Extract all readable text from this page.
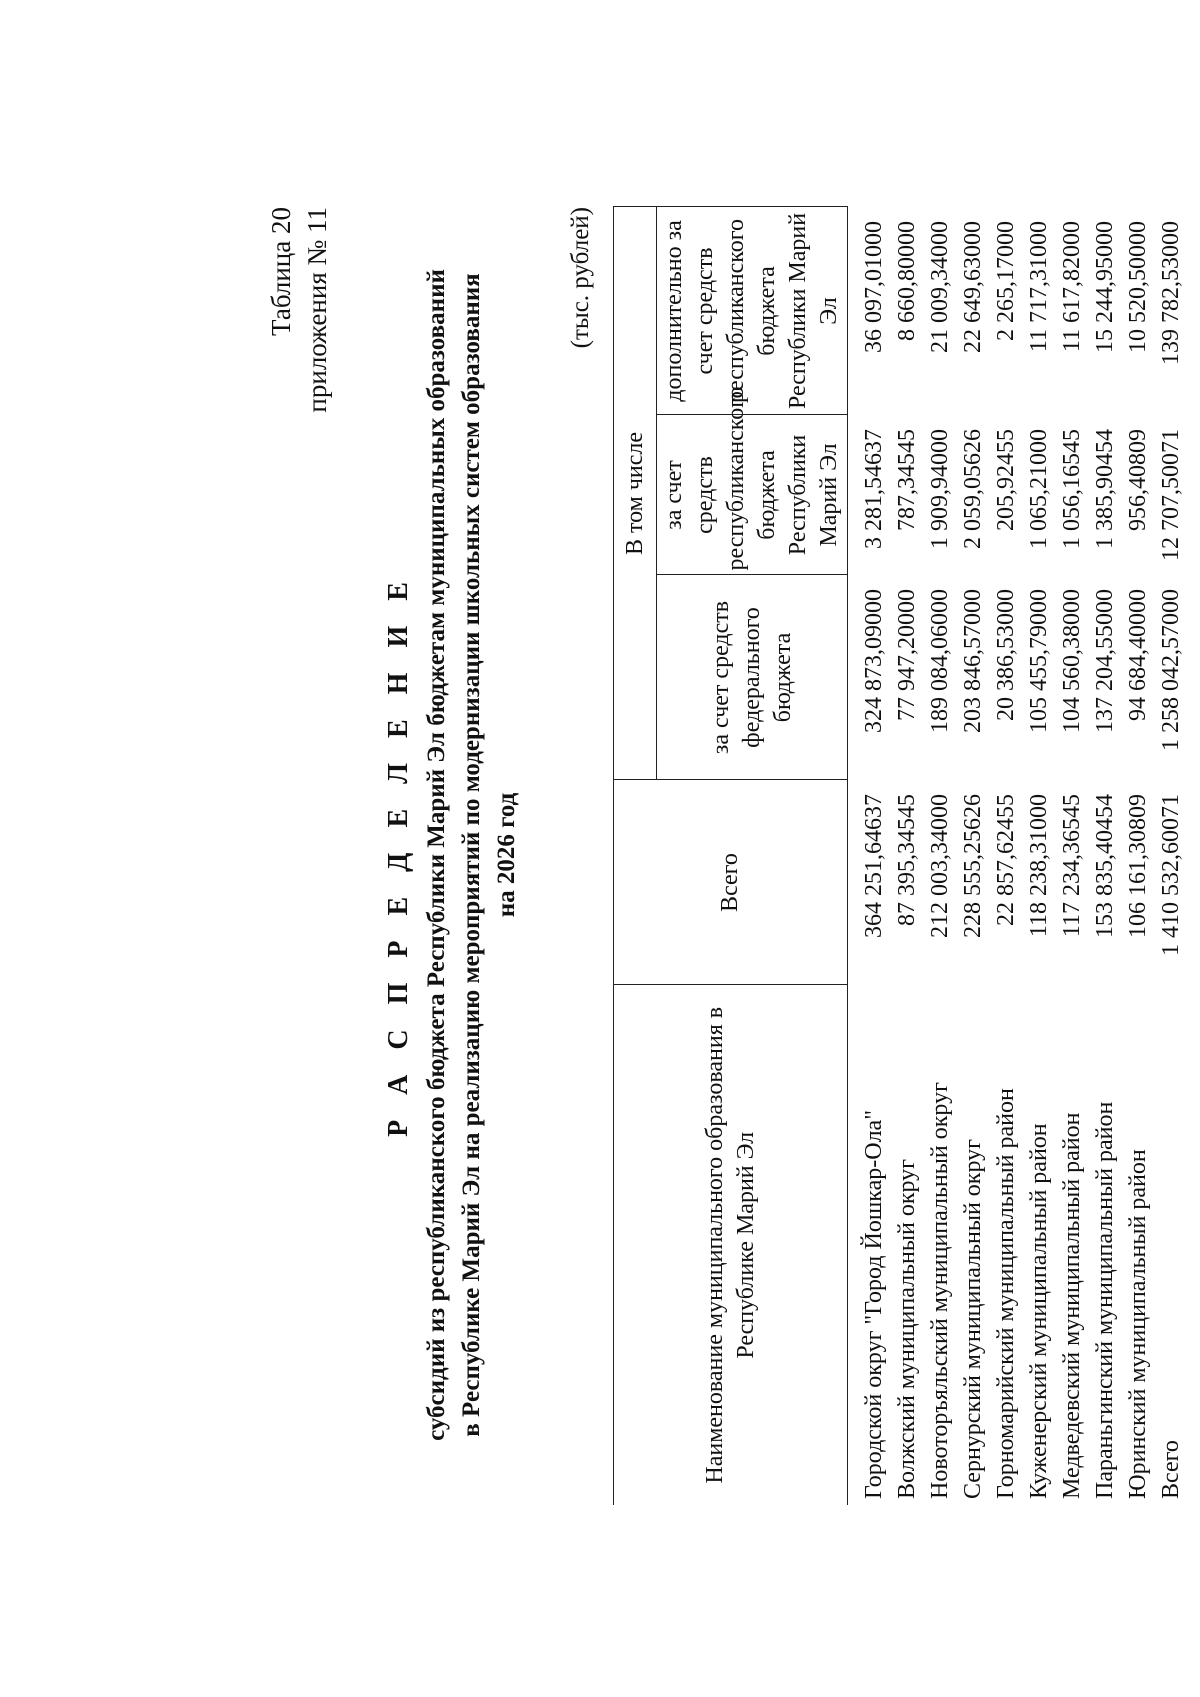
Таблица 20 приложения № 11
Р А С П Р Е Д Е Л Е Н И Е субсидий из республиканского бюджета Республики Марий Эл бюджетам муниципальных образований в Республике Марий Эл на реализацию мероприятий по модернизации школьных систем образования на 2026 год
(тыс. рублей)
Наименование муниципального образования в Республике Марий Эл	Всего	В том числе		
		за счет средств федерального бюджета	за счет средств республиканского бюджета Республики Марий Эл	дополнительно за счет средств республиканского бюджета Республики Марий Эл
Городской округ "Город Йошкар-Ола"	364 251,64637	324 873,09000	3 281,54637	36 097,01000
Волжский муниципальный округ	87 395,34545	77 947,20000	787,34545	8 660,80000
Новоторъяльский муниципальный округ	212 003,34000	189 084,06000	1 909,94000	21 009,34000
Сернурский муниципальный округ	228 555,25626	203 846,57000	2 059,05626	22 649,63000
Горномарийский муниципальный район	22 857,62455	20 386,53000	205,92455	2 265,17000
Куженерский муниципальный район	118 238,31000	105 455,79000	1 065,21000	11 717,31000
Медведевский муниципальный район	117 234,36545	104 560,38000	1 056,16545	11 617,82000
Параньгинский муниципальный район	153 835,40454	137 204,55000	1 385,90454	15 244,95000
Юринский муниципальный район	106 161,30809	94 684,40000	956,40809	10 520,50000
Всего	1 410 532,60071	1 258 042,57000	12 707,50071	139 782,53000
